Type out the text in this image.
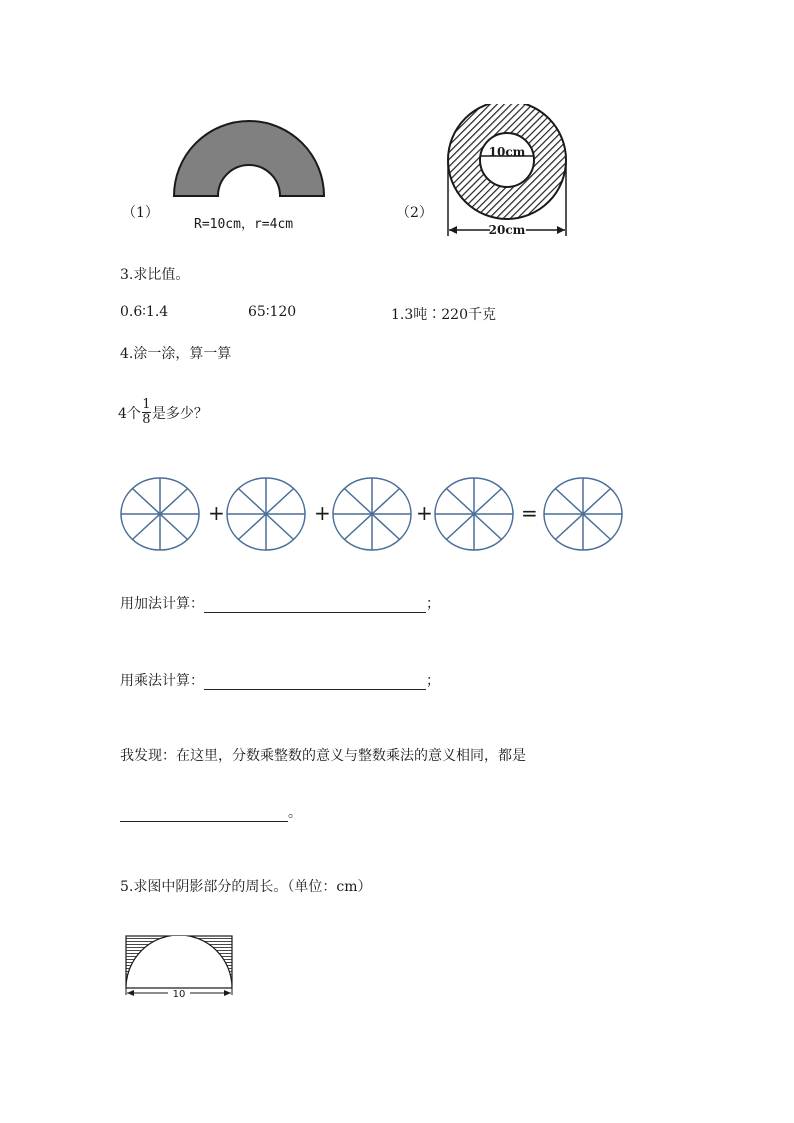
（1）
R=10cm，r=4cm
（2）
20cm
10cm
3.求比值。
0.6∶1.4	65∶120	1.3吨∶220千克
4.涂一涂，算一算
4个 $\frac{1}{8}$ 是多少？
+	+	+	=
用加法计算：	；
用乘法计算：	；
我发现：在这里，分数乘整数的意义与整数乘法的意义相同，都是
。
5.求图中阴影部分的周长。（单位：cm）
10
